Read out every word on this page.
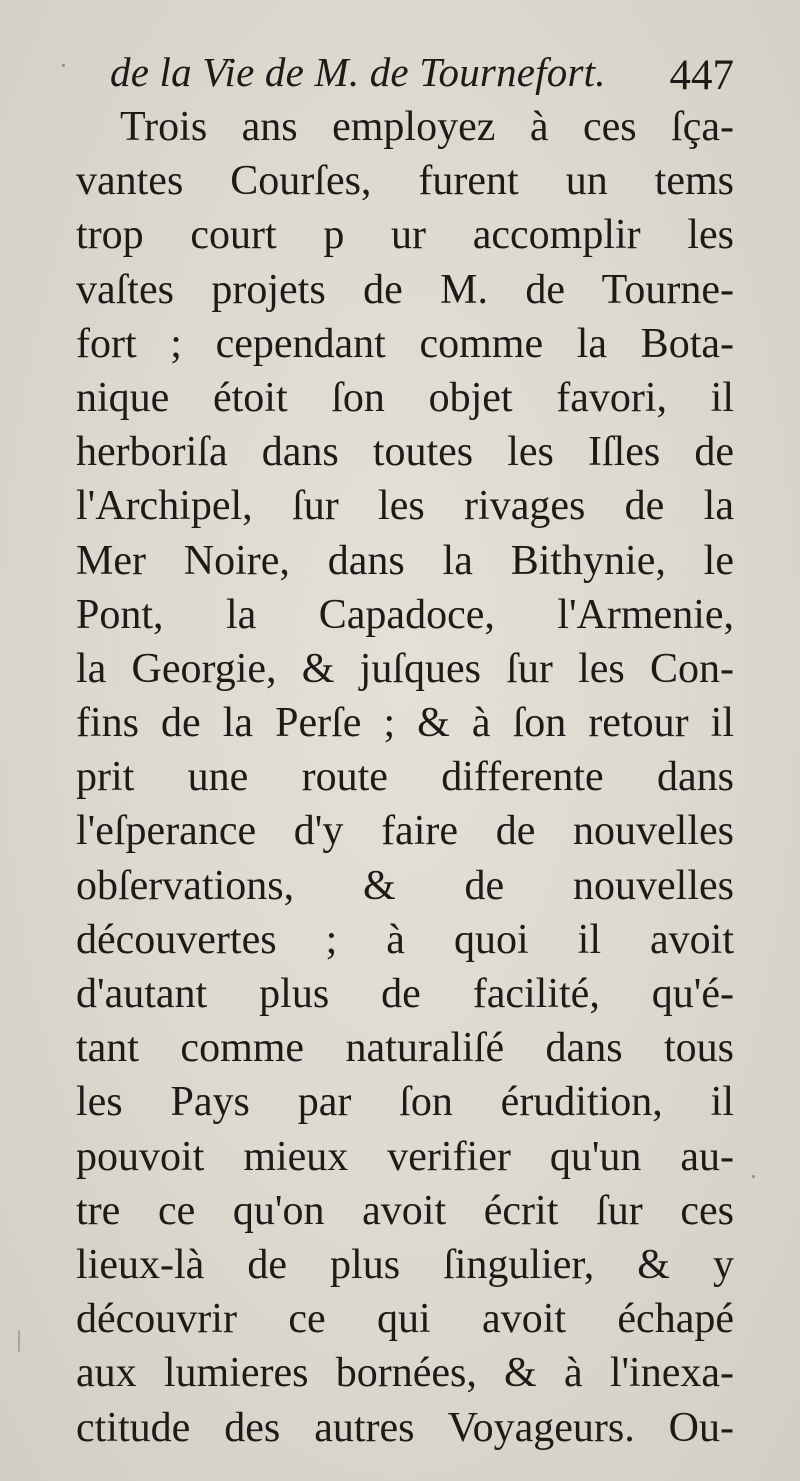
de la Vie de M. de Tournefort. 447
Trois ans employez à ces ſça-
vantes Courſes, furent un tems
trop court p ur accomplir les
vaſtes projets de M. de Tourne-
fort ; cependant comme la Bota-
nique étoit ſon objet favori, il
herboriſa dans toutes les Iſles de
l'Archipel, ſur les rivages de la
Mer Noire, dans la Bithynie, le
Pont, la Capadoce, l'Armenie,
la Georgie, & juſques ſur les Con-
fins de la Perſe ; & à ſon retour il
prit une route differente dans
l'eſperance d'y faire de nouvelles
obſervations, & de nouvelles
découvertes ; à quoi il avoit
d'autant plus de facilité, qu'é-
tant comme naturaliſé dans tous
les Pays par ſon érudition, il
pouvoit mieux verifier qu'un au-
tre ce qu'on avoit écrit ſur ces
lieux-là de plus ſingulier, & y
découvrir ce qui avoit échapé
aux lumieres bornées, & à l'inexa-
ctitude des autres Voyageurs. Ou-
